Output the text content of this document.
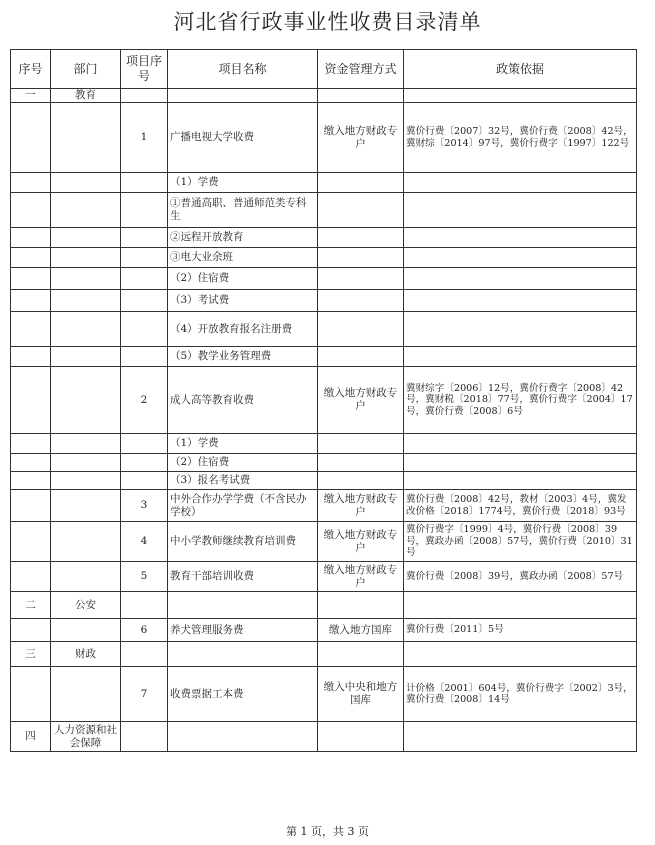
河北省行政事业性收费目录清单
序号	部门	项目序号	项目名称	资金管理方式	政策依据
一	教育				
		1	广播电视大学收费	缴入地方财政专户	冀价行费〔2007〕32号，冀价行费〔2008〕42号，冀财综〔2014〕97号，冀价行费字〔1997〕122号
			（1）学费		
			①普通高职、普通师范类专科生		
			②远程开放教育		
			③电大业余班		
			（2）住宿费		
			（3）考试费		
			（4）开放教育报名注册费		
			（5）教学业务管理费		
		2	成人高等教育收费	缴入地方财政专户	冀财综字〔2006〕12号，冀价行费字〔2008〕42号，冀财税〔2018〕77号，冀价行费字〔2004〕17号，冀价行费〔2008〕6号
			（1）学费		
			（2）住宿费		
			（3）报名考试费		
		3	中外合作办学学费（不含民办学校）	缴入地方财政专户	冀价行费〔2008〕42号，教材〔2003〕4号，冀发改价格〔2018〕1774号，冀价行费〔2018〕93号
		4	中小学教师继续教育培训费	缴入地方财政专户	冀价行费字〔1999〕4号，冀价行费〔2008〕39号，冀政办函〔2008〕57号，冀价行费〔2010〕31号
		5	教育干部培训收费	缴入地方财政专户	冀价行费〔2008〕39号，冀政办函〔2008〕57号
二	公安				
		6	养犬管理服务费	缴入地方国库	冀价行费〔2011〕5号
三	财政				
		7	收费票据工本费	缴入中央和地方国库	计价格〔2001〕604号，冀价行费字〔2002〕3号，冀价行费〔2008〕14号
四	人力资源和社会保障				
第 1 页，共 3 页
